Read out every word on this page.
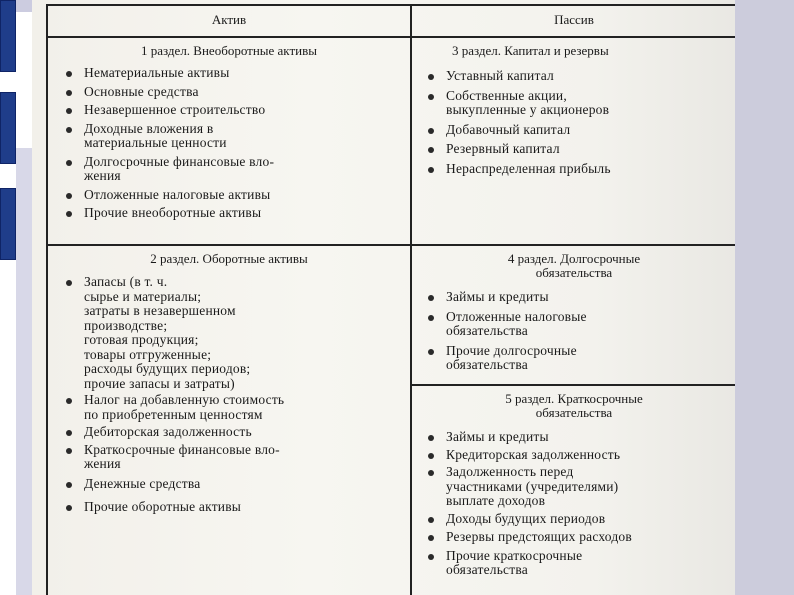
Актив	Пассив
1 раздел. Внеоборотные активы
Нематериальные активы
Основные средства
Незавершенное строительство
Доходные вложения в
материальные ценности
Долгосрочные финансовые вло-
жения
Отложенные налоговые активы
Прочие внеоборотные активы
3 раздел. Капитал и резервы
Уставный капитал
Собственные акции,
выкупленные у акционеров
Добавочный капитал
Резервный капитал
Нераспределенная прибыль
2 раздел. Оборотные активы
Запасы (в т. ч.
сырье и материалы;
затраты в незавершенном
производстве;
готовая продукция;
товары отгруженные;
расходы будущих периодов;
прочие запасы и затраты)
Налог на добавленную стоимость
по приобретенным ценностям
Дебиторская задолженность
Краткосрочные финансовые вло-
жения
Денежные средства
Прочие оборотные активы
4 раздел. Долгосрочные
обязательства
Займы и кредиты
Отложенные налоговые
обязательства
Прочие долгосрочные
обязательства
5 раздел. Краткосрочные
обязательства
Займы и кредиты
Кредиторская задолженность
Задолженность перед
участниками (учредителями)
выплате доходов
Доходы будущих периодов
Резервы предстоящих расходов
Прочие краткосрочные
обязательства
